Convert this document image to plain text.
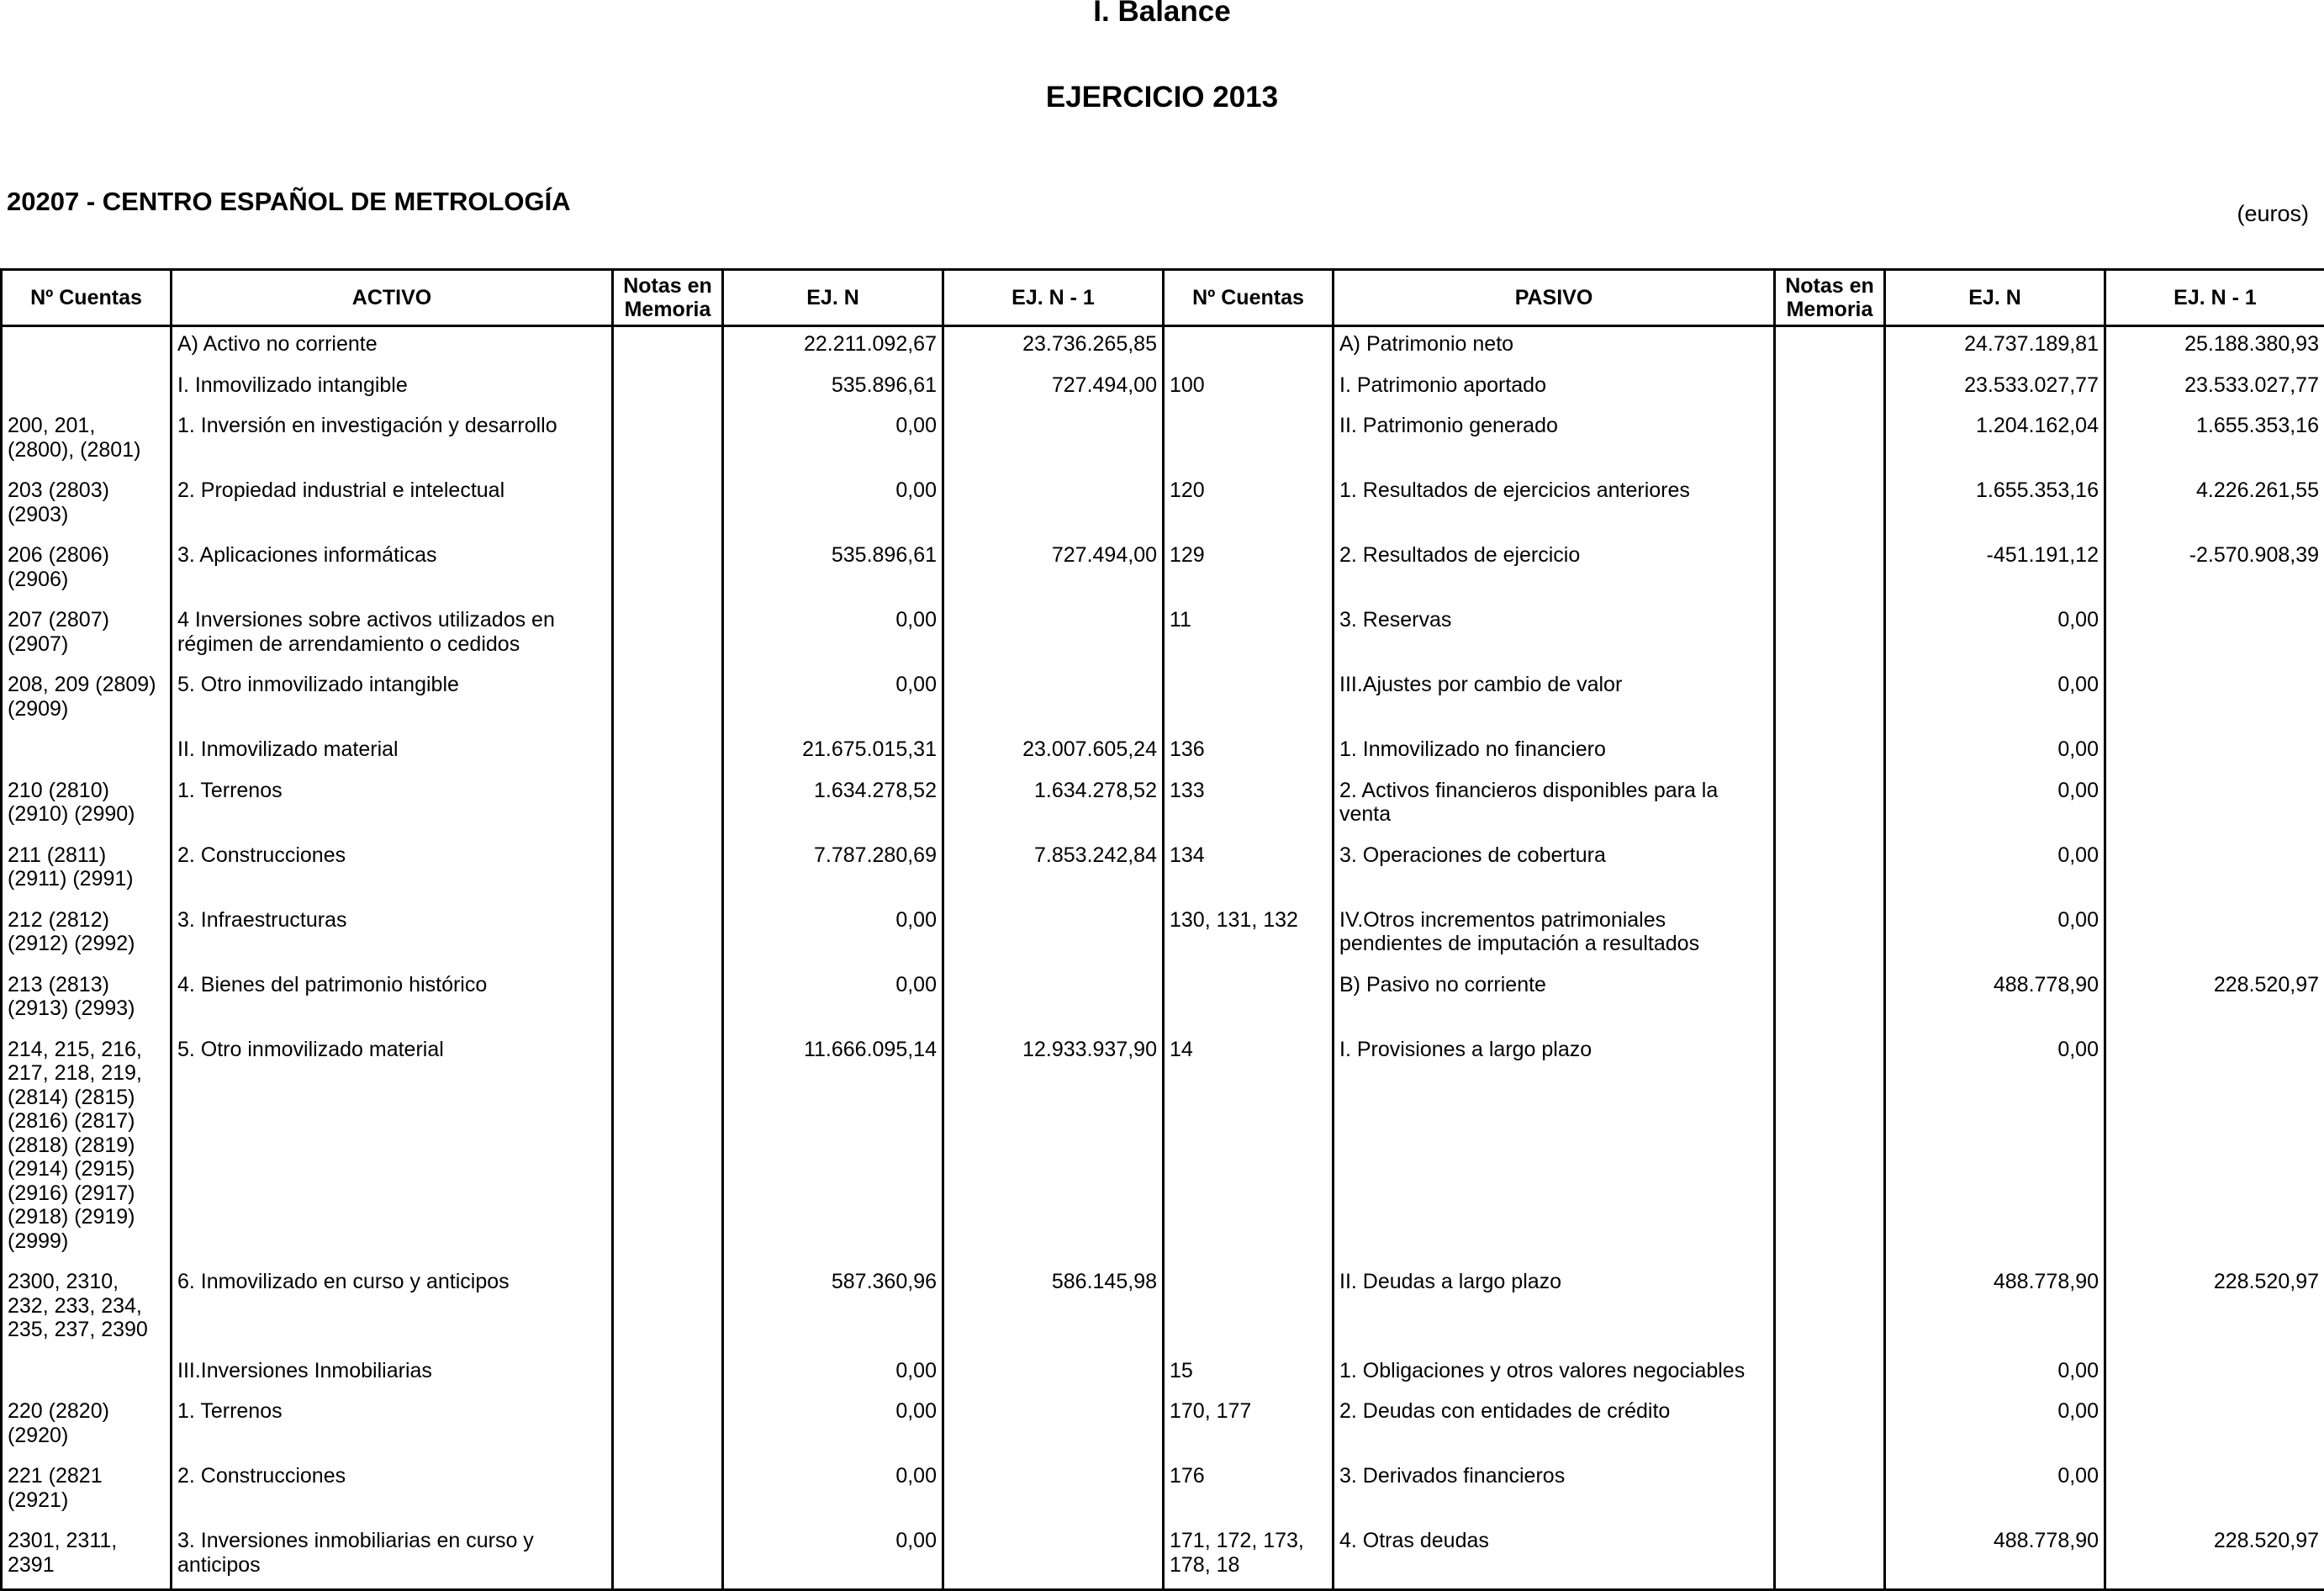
I. Balance
EJERCICIO 2013
20207 - CENTRO ESPAÑOL DE METROLOGÍA	(euros)
Nº Cuentas	ACTIVO	Notas en Memoria	EJ. N	EJ. N - 1	Nº Cuentas	PASIVO	Notas en Memoria	EJ. N	EJ. N - 1
	A) Activo no corriente		22.211.092,67	23.736.265,85		A) Patrimonio neto		24.737.189,81	25.188.380,93
	I. Inmovilizado intangible		535.896,61	727.494,00	100	I. Patrimonio aportado		23.533.027,77	23.533.027,77
200, 201, (2800), (2801)	1. Inversión en investigación y desarrollo		0,00			II. Patrimonio generado		1.204.162,04	1.655.353,16
203 (2803) (2903)	2. Propiedad industrial e intelectual		0,00		120	1. Resultados de ejercicios anteriores		1.655.353,16	4.226.261,55
206 (2806) (2906)	3. Aplicaciones informáticas		535.896,61	727.494,00	129	2. Resultados de ejercicio		-451.191,12	-2.570.908,39
207 (2807) (2907)	4 Inversiones sobre activos utilizados en régimen de arrendamiento o cedidos		0,00		11	3. Reservas		0,00	
208, 209 (2809) (2909)	5. Otro inmovilizado intangible		0,00			III.Ajustes por cambio de valor		0,00	
	II. Inmovilizado material		21.675.015,31	23.007.605,24	136	1. Inmovilizado no financiero		0,00	
210 (2810) (2910) (2990)	1. Terrenos		1.634.278,52	1.634.278,52	133	2. Activos financieros disponibles para la venta		0,00	
211 (2811) (2911) (2991)	2. Construcciones		7.787.280,69	7.853.242,84	134	3. Operaciones de cobertura		0,00	
212 (2812) (2912) (2992)	3. Infraestructuras		0,00		130, 131, 132	IV.Otros incrementos patrimoniales pendientes de imputación a resultados		0,00	
213 (2813) (2913) (2993)	4. Bienes del patrimonio histórico		0,00			B) Pasivo no corriente		488.778,90	228.520,97
214, 215, 216, 217, 218, 219, (2814) (2815) (2816) (2817) (2818) (2819) (2914) (2915) (2916) (2917) (2918) (2919) (2999)	5. Otro inmovilizado material		11.666.095,14	12.933.937,90	14	I. Provisiones a largo plazo		0,00	
2300, 2310, 232, 233, 234, 235, 237, 2390	6. Inmovilizado en curso y anticipos		587.360,96	586.145,98		II. Deudas a largo plazo		488.778,90	228.520,97
	III.Inversiones Inmobiliarias		0,00		15	1. Obligaciones y otros valores negociables		0,00	
220 (2820) (2920)	1. Terrenos		0,00		170, 177	2. Deudas con entidades de crédito		0,00	
221 (2821 (2921)	2. Construcciones		0,00		176	3. Derivados financieros		0,00	
2301, 2311, 2391	3. Inversiones inmobiliarias en curso y anticipos		0,00		171, 172, 173, 178, 18	4. Otras deudas		488.778,90	228.520,97
